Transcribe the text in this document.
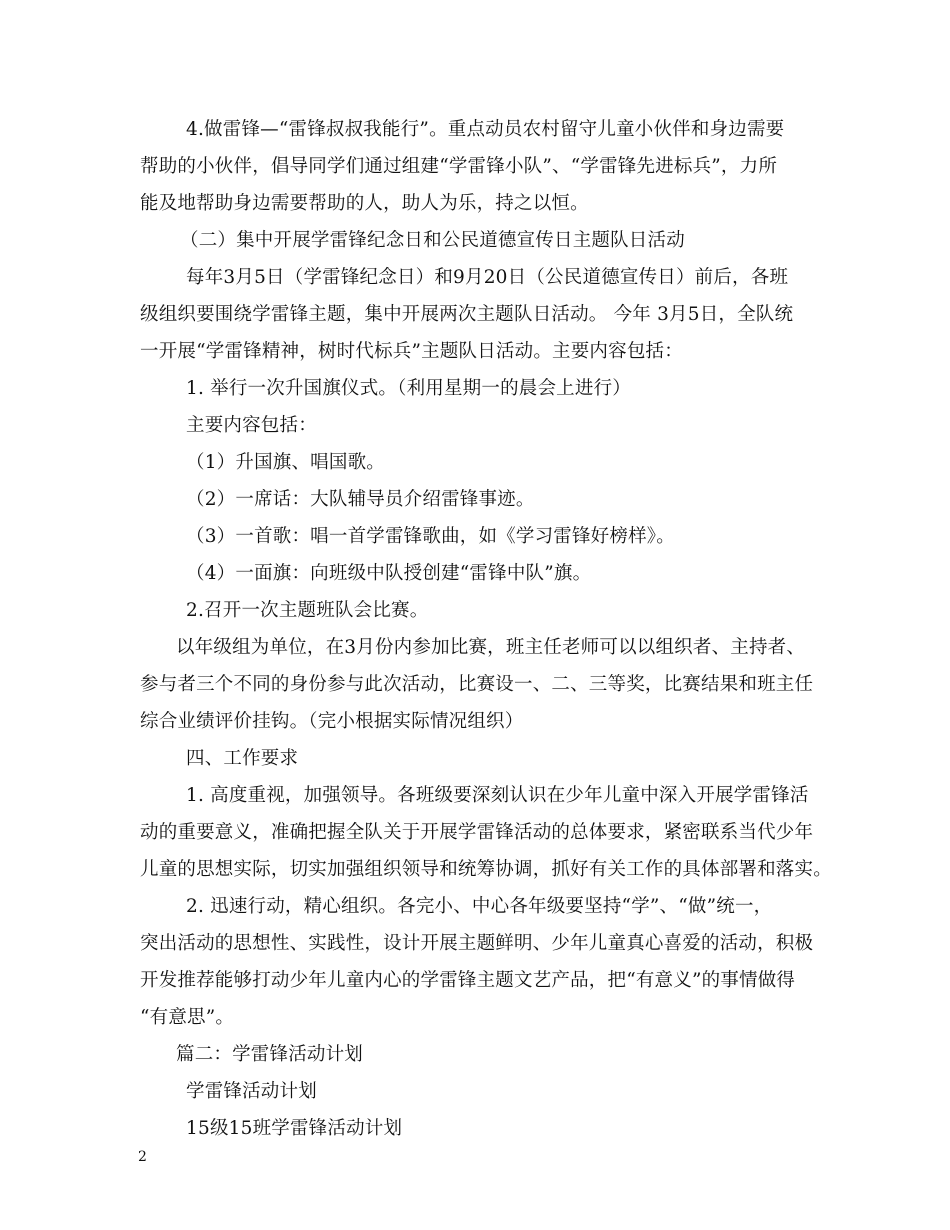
4.做雷锋—“雷锋叔叔我能行”。重点动员农村留守儿童小伙伴和身边需要
帮助的小伙伴，倡导同学们通过组建“学雷锋小队”、“学雷锋先进标兵”，力所
能及地帮助身边需要帮助的人，助人为乐，持之以恒。
（二）集中开展学雷锋纪念日和公民道德宣传日主题队日活动
每年3月5日（学雷锋纪念日）和9月20日（公民道德宣传日）前后，各班
级组织要围绕学雷锋主题，集中开展两次主题队日活动。 今年 3月5日，全队统
一开展“学雷锋精神，树时代标兵”主题队日活动。主要内容包括：
1. 举行一次升国旗仪式。（利用星期一的晨会上进行）
主要内容包括：
（1）升国旗、唱国歌。
（2）一席话：大队辅导员介绍雷锋事迹。
（3）一首歌：唱一首学雷锋歌曲，如《学习雷锋好榜样》。
（4）一面旗：向班级中队授创建“雷锋中队”旗。
2.召开一次主题班队会比赛。
以年级组为单位，在3月份内参加比赛，班主任老师可以以组织者、主持者、
参与者三个不同的身份参与此次活动，比赛设一、二、三等奖，比赛结果和班主任
综合业绩评价挂钩。（完小根据实际情况组织）
四、工作要求
1. 高度重视，加强领导。各班级要深刻认识在少年儿童中深入开展学雷锋活
动的重要意义，准确把握全队关于开展学雷锋活动的总体要求，紧密联系当代少年
儿童的思想实际，切实加强组织领导和统筹协调，抓好有关工作的具体部署和落实。
2. 迅速行动，精心组织。各完小、中心各年级要坚持“学”、“做”统一，
突出活动的思想性、实践性，设计开展主题鲜明、少年儿童真心喜爱的活动，积极
开发推荐能够打动少年儿童内心的学雷锋主题文艺产品，把“有意义”的事情做得
“有意思”。
篇二：学雷锋活动计划
学雷锋活动计划
15级15班学雷锋活动计划
2
